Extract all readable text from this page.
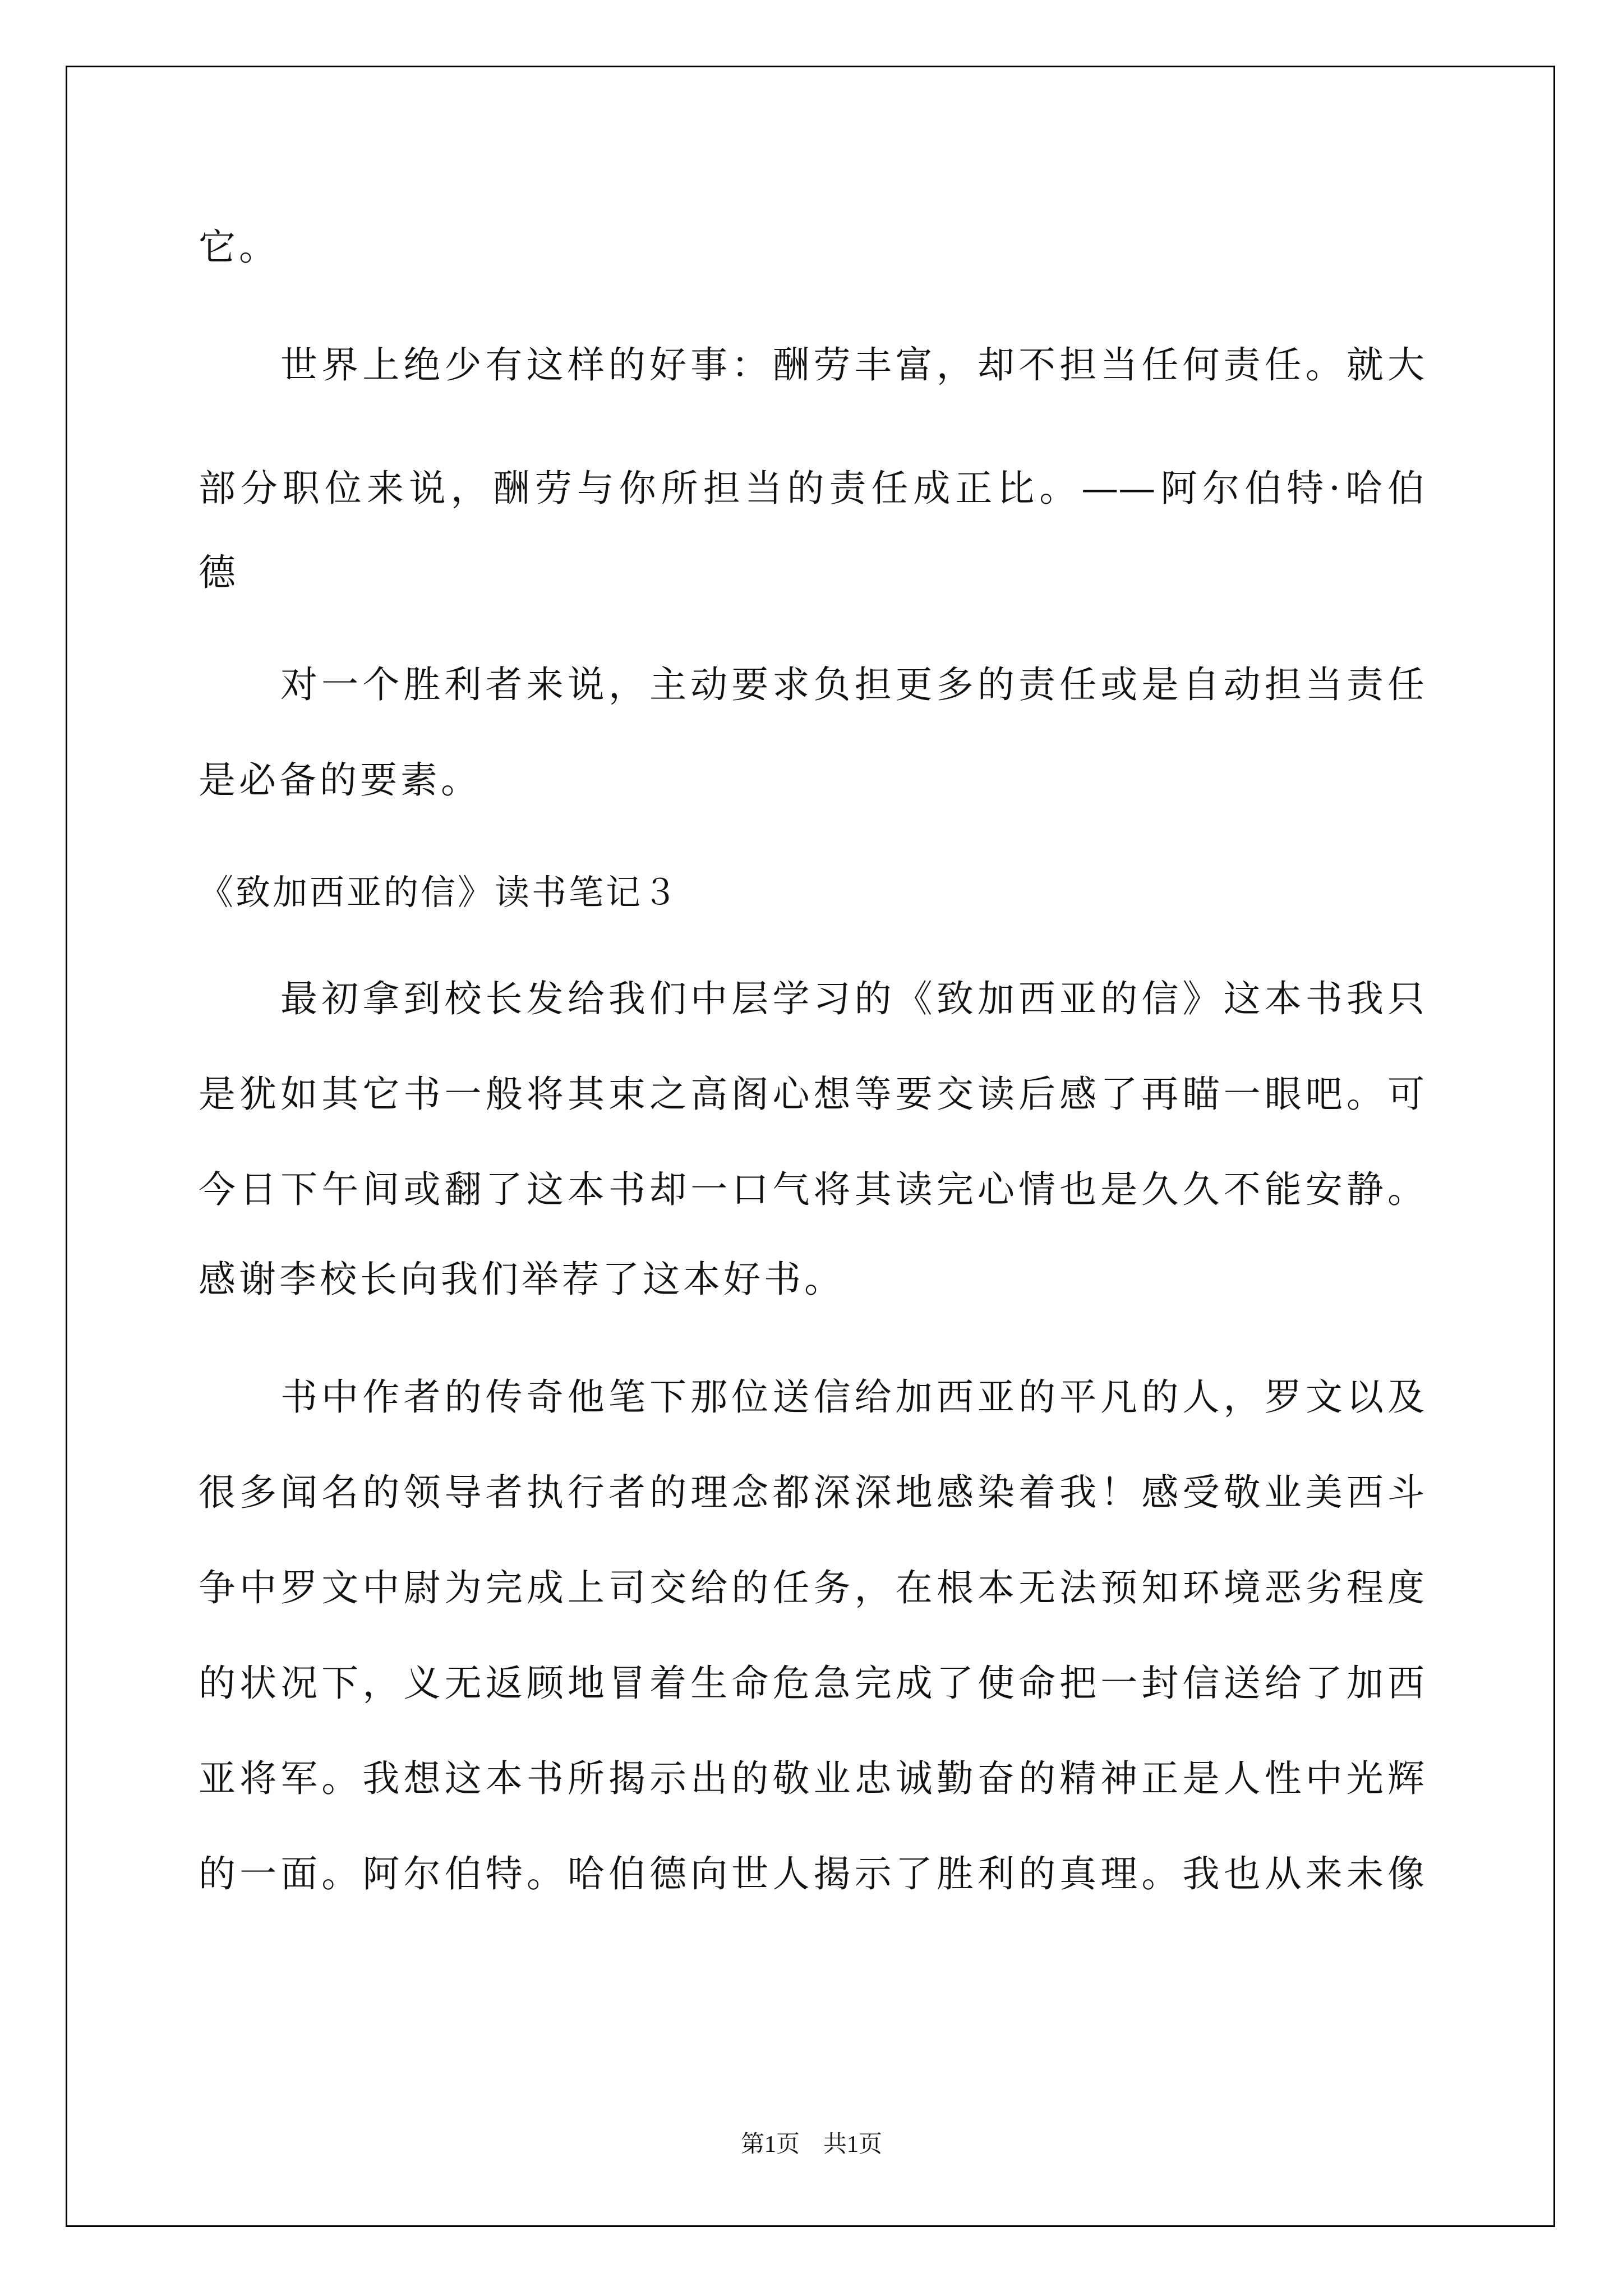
它。
世界上绝少有这样的好事：酬劳丰富，却不担当任何责任。就大
部分职位来说，酬劳与你所担当的责任成正比。——阿尔伯特·哈伯
德
对一个胜利者来说，主动要求负担更多的责任或是自动担当责任
是必备的要素。
《致加西亚的信》读书笔记３
最初拿到校长发给我们中层学习的《致加西亚的信》这本书我只
是犹如其它书一般将其束之高阁心想等要交读后感了再瞄一眼吧。可
今日下午间或翻了这本书却一口气将其读完心情也是久久不能安静。
感谢李校长向我们举荐了这本好书。
书中作者的传奇他笔下那位送信给加西亚的平凡的人，罗文以及
很多闻名的领导者执行者的理念都深深地感染着我！感受敬业美西斗
争中罗文中尉为完成上司交给的任务，在根本无法预知环境恶劣程度
的状况下，义无返顾地冒着生命危急完成了使命把一封信送给了加西
亚将军。我想这本书所揭示出的敬业忠诚勤奋的精神正是人性中光辉
的一面。阿尔伯特。哈伯德向世人揭示了胜利的真理。我也从来未像
第1页　共1页
